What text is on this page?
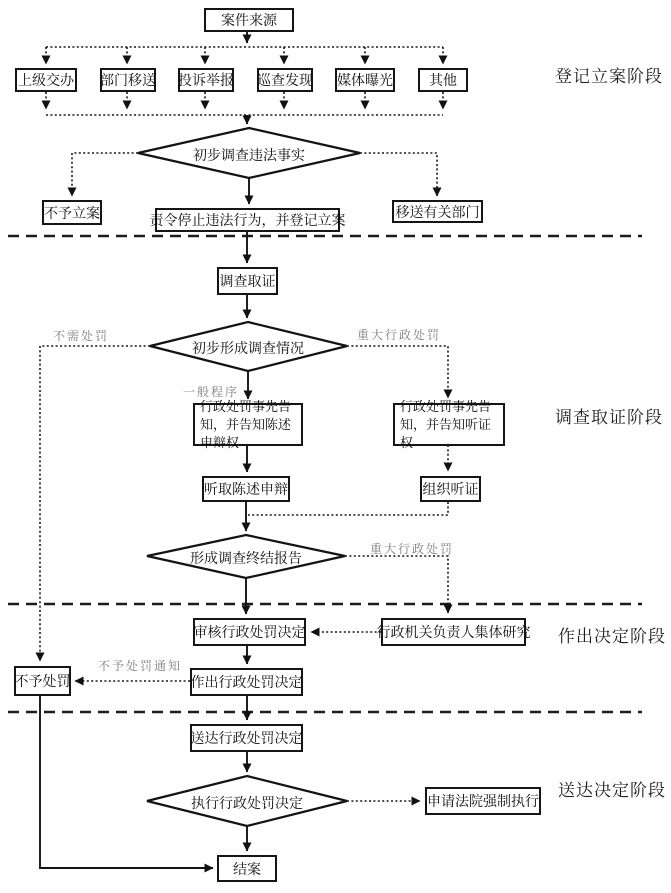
登记立案阶段
调查取证阶段
作出决定阶段
送达决定阶段
案件来源
上级交办 部门移送 投诉举报 巡查发现 媒体曝光	其他
初步调查违法事实
不予立案	责令停止违法行为，并登记立案
移送有关部门
调查取证
初步形成调查情况
不需处罚	重大行政处罚
一般程序
行政处罚事先告知，并告知陈述申辩权
行政处罚事先告知，并告知听证权
听取陈述申辩	组织听证
形成调查终结报告
重大行政处罚
审核行政处罚决定	行政机关负责人集体研究
不予处罚
不予处罚通知
作出行政处罚决定
送达行政处罚决定
执行行政处罚决定	申请法院强制执行
结案
